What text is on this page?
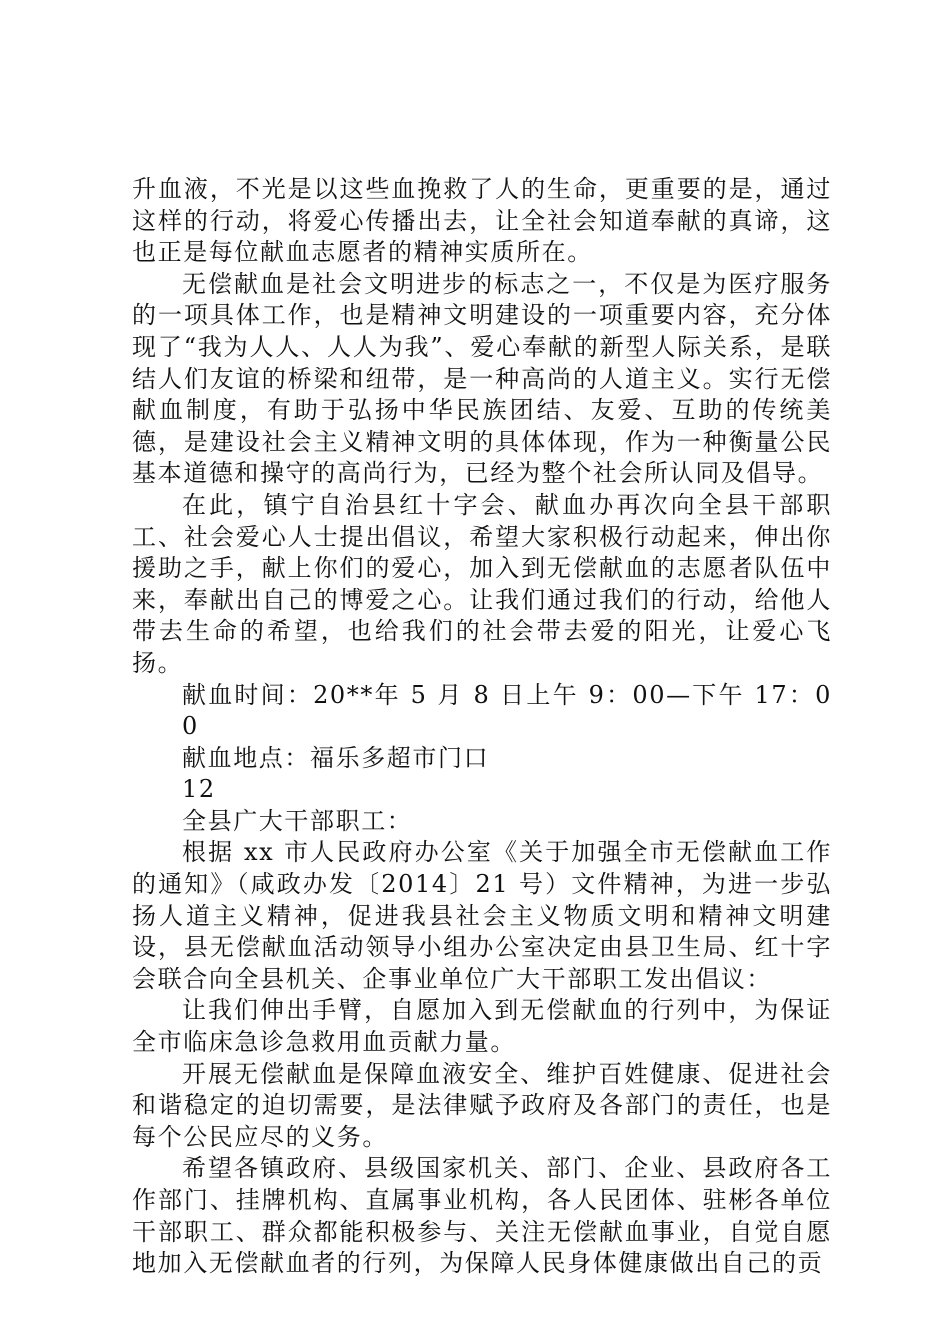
升血液，不光是以这些血挽救了人的生命，更重要的是，通过这样的行动，将爱心传播出去，让全社会知道奉献的真谛，这也正是每位献血志愿者的精神实质所在。

无偿献血是社会文明进步的标志之一，不仅是为医疗服务的一项具体工作，也是精神文明建设的一项重要内容，充分体现了“我为人人、人人为我”、爱心奉献的新型人际关系，是联结人们友谊的桥梁和纽带，是一种高尚的人道主义。实行无偿献血制度，有助于弘扬中华民族团结、友爱、互助的传统美德，是建设社会主义精神文明的具体体现，作为一种衡量公民基本道德和操守的高尚行为，已经为整个社会所认同及倡导。

在此，镇宁自治县红十字会、献血办再次向全县干部职工、社会爱心人士提出倡议，希望大家积极行动起来，伸出你援助之手，献上你们的爱心，加入到无偿献血的志愿者队伍中来，奉献出自己的博爱之心。让我们通过我们的行动，给他人带去生命的希望，也给我们的社会带去爱的阳光，让爱心飞扬。

献血时间：20**年 5 月 8 日上午 9：00—下午 17：00

献血地点：福乐多超市门口

12

全县广大干部职工：

根据 xx 市人民政府办公室《关于加强全市无偿献血工作的通知》（咸政办发〔2014〕21 号）文件精神，为进一步弘扬人道主义精神，促进我县社会主义物质文明和精神文明建设，县无偿献血活动领导小组办公室决定由县卫生局、红十字会联合向全县机关、企事业单位广大干部职工发出倡议：

让我们伸出手臂，自愿加入到无偿献血的行列中，为保证全市临床急诊急救用血贡献力量。

开展无偿献血是保障血液安全、维护百姓健康、促进社会和谐稳定的迫切需要，是法律赋予政府及各部门的责任，也是每个公民应尽的义务。

希望各镇政府、县级国家机关、部门、企业、县政府各工作部门、挂牌机构、直属事业机构，各人民团体、驻彬各单位干部职工、群众都能积极参与、关注无偿献血事业，自觉自愿地加入无偿献血者的行列，为保障人民身体健康做出自己的贡
